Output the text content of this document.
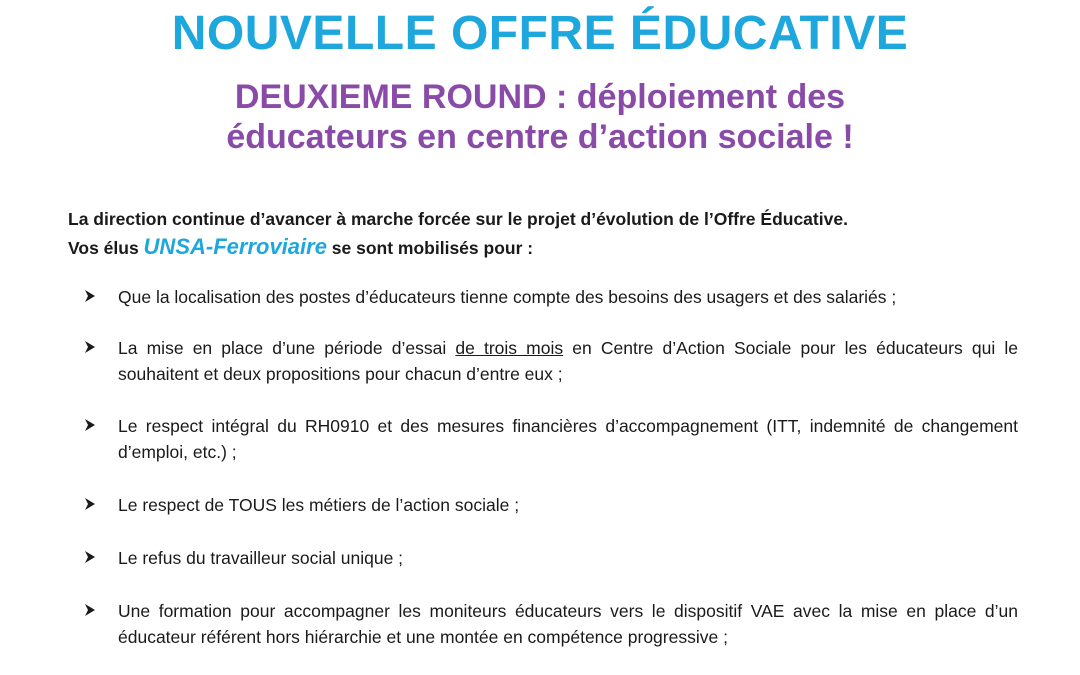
NOUVELLE OFFRE ÉDUCATIVE
DEUXIEME ROUND : déploiement des
éducateurs en centre d’action sociale !
La direction continue d’avancer à marche forcée sur le projet d’évolution de l’Offre Éducative.
Vos élus UNSA-Ferroviaire se sont mobilisés pour :
Que la localisation des postes d’éducateurs tienne compte des besoins des usagers et des salariés ;
La mise en place d’une période d’essai de trois mois en Centre d’Action Sociale pour les éducateurs qui le souhaitent et deux propositions pour chacun d’entre eux ;
Le respect intégral du RH0910 et des mesures financières d’accompagnement (ITT, indemnité de changement d’emploi, etc.) ;
Le respect de TOUS les métiers de l’action sociale ;
Le refus du travailleur social unique ;
Une formation pour accompagner les moniteurs éducateurs vers le dispositif VAE avec la mise en place d’un éducateur référent hors hiérarchie et une montée en compétence progressive ;
